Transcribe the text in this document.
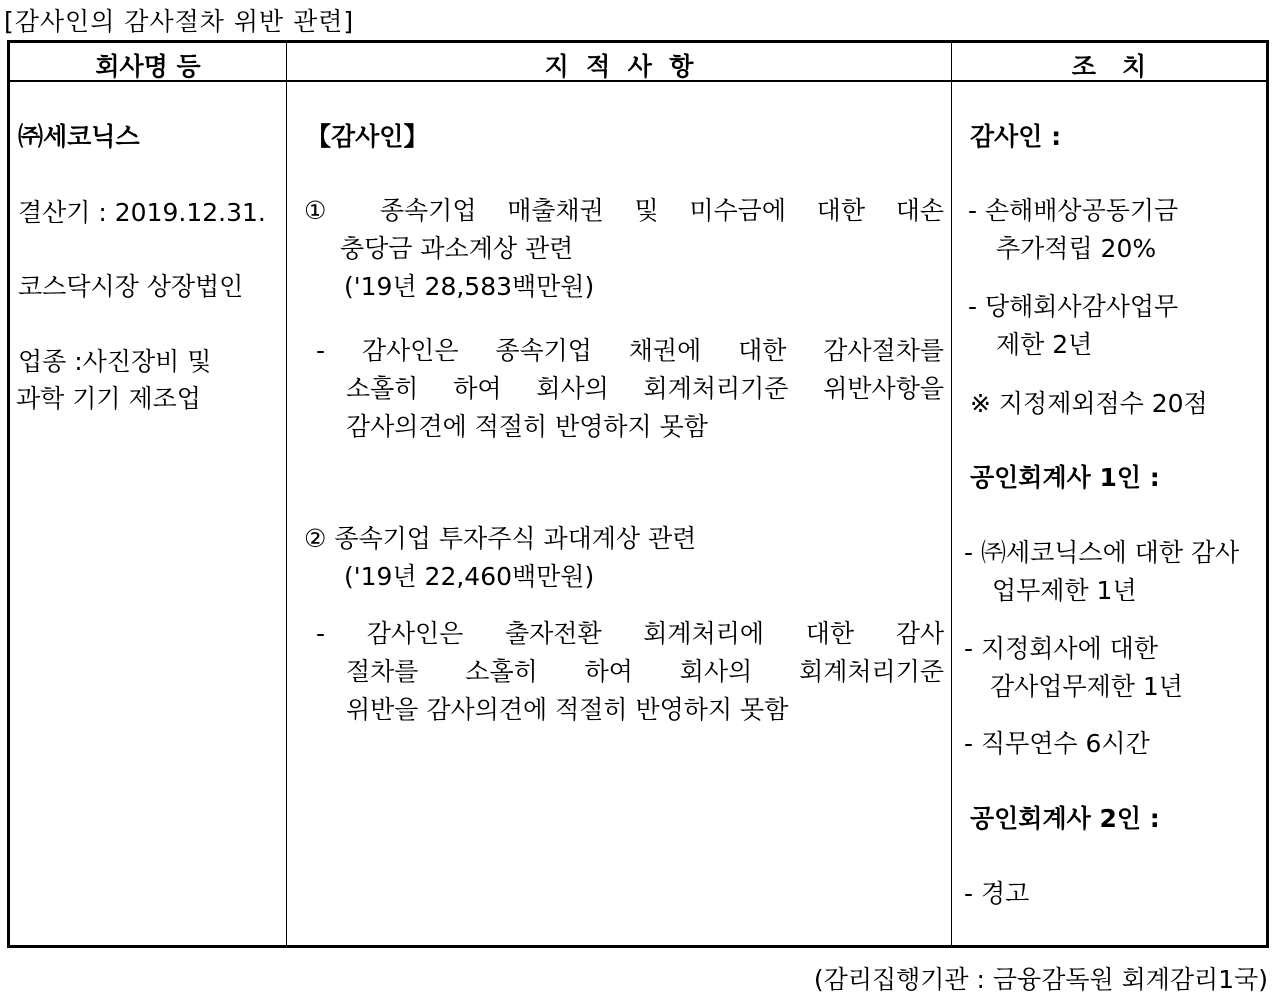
[감사인의 감사절차 위반 관련]
회사명 등	지  적  사  항	조   치
㈜세코닉스
결산기 : 2019.12.31.
코스닥시장 상장법인
업종 :사진장비 및
과학 기기 제조업
【감사인】
① 종속기업 매출채권 및 미수금에 대한 대손
충당금 과소계상 관련
('19년 28,583백만원)
- 감사인은 종속기업 채권에 대한 감사절차를
소홀히 하여 회사의 회계처리기준 위반사항을
감사의견에 적절히 반영하지 못함
② 종속기업 투자주식 과대계상 관련
('19년 22,460백만원)
- 감사인은 출자전환 회계처리에 대한 감사
절차를 소홀히 하여 회사의 회계처리기준
위반을 감사의견에 적절히 반영하지 못함
감사인 :
- 손해배상공동기금
추가적립 20%
- 당해회사감사업무
제한 2년
※ 지정제외점수 20점
공인회계사 1인 :
- ㈜세코닉스에 대한 감사
업무제한 1년
- 지정회사에 대한
감사업무제한 1년
- 직무연수 6시간
공인회계사 2인 :
- 경고
(감리집행기관 : 금융감독원 회계감리1국)
